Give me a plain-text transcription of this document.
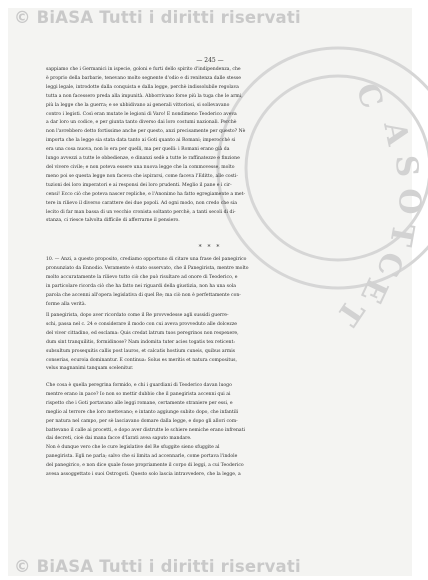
C
A
S
O
T
C
E
T
© BiASA Tutti i diritti riservati
— 245 —
sappiamo che i Germanici in ispecie, goloni e furti dello spirito d'indipendenza, che
è proprio della barbarie, tenevano molto segnente d'odio e di renitenza dalle stesse
leggi legale, introdotte dalla conquista e dalla legge, perchè indissolubile regolava
tutta a non facessero preda alla impunità. Abborrivano forse più la tuga che le armi,
più la legge che la guerra; e se ubbidivano ai generali vittoriosi, si sollevavano
contro i legisti. Così eran mutate le legioni di Varo! E nondimeno Teoderico aveva
a dar loro un codice, e per giunta tanto diverso dai loro costumi nazionali. Perchè
non l'avrebbero detto fortissime anche per questo, anzi precisamente per questo? Nè
importa che la legge sia stata data tanto ai Goti quanto ai Romani; imperocchè si
era una cosa nuova, non lo era per quelli, ma per quelli: i Romani erano già da
lungo avvezzi a tutte le obbedienze, e dinanzi sedè a tutte le raffinatezze e finzione
del vivere civile; e non poteva essere una nuova legge che la commovesse, molto
meno poi se questa legge non faceva che ispirarsi, come faceva l'Editto, alle costi-
tuzioni dei loro imperatori e ai responsi dei loro prudenti. Meglio il pane e i cir-
censi! Ecco ciò che poteva nascer repliche, e l'Anonimo ha fatto egregiamente a met-
tere in rilievo il diverso carattere dei due popoli. Ad ogni modo, non credo che sia
lecito di far man bassa di un vecchio cronista soltanto perchè, a tanti secoli di di-
stanza, ci riesce talvolta difficile di afferrarne il pensiero.
* * *
10. — Anzi, a questo proposito, crediamo opportuno di citare una frase del panegirico
pronunziato da Ennodio. Veramente è stato osservato, che il Panegirista, mentre molto
molto accuratamente la rilievo tutto ciò che può risultare ad onore di Teoderico, e
in particolare ricorda ciò che ha fatto nei riguardi della giustizia, non ha una sola
parola che accenni all'opera legislativa di quel Re; ma ciò non è perfettamente con-
forme alla verità.
Il panegirista, dopo aver ricordato come il Re provvedesse agli sussidi guerre-
schi, passa nel c. 24 e considerare il modo con cui aveva provveduto alle dolcezze
del viver cittadino, ed esclama: Quis credat latrum tuos peregrinos non respexere,
dum sint tranquilitis, formidinose? Nam indomita tuter acies togatis tex reticent:
subsultum prosequitis callis post lauros, et calcatis hostium cuneis, quibus armis
conserias, ecuroia dominantur. E continua: Solus es meritis et natura compositus,
velus magnanimi tanquam scelenitur.
Che cosa è quella peregrina formido, e chi i guardiani di Teoderico davan luogo
mentre erano in pace? Io non so mettir dubbio che il panegirista accenni qui ai
rispetto che i Goti portavano alle leggi romane, certamente straniere per essi, e
meglio al terrore che loro mettevano; e intanto aggiunge subito dopo, che infantili
per natura nel campo, per sè lasciavano domare dalla legge, e dopo gli allori com-
battevano il calle ai procetti, e dopo aver distrutte le schiere nemiche erano infrenati
dai decreti, cioè dai mana facce d'Iarati avea saputo mandare.
Non è dunque vero che le cure legislative del Re sfuggite sieno sfuggite al
panegirista. Egli ne parla; salvo che si limita ad accennarle, come portava l'indole
del panegirico, e non dice quale fosse propriamente il corpo di leggi, a cui Teoderico
avesa assoggettato i suoi Ostrogoti. Questo solo lascia intravvedere, che la legge, a
© BiASA Tutti i diritti riservati
